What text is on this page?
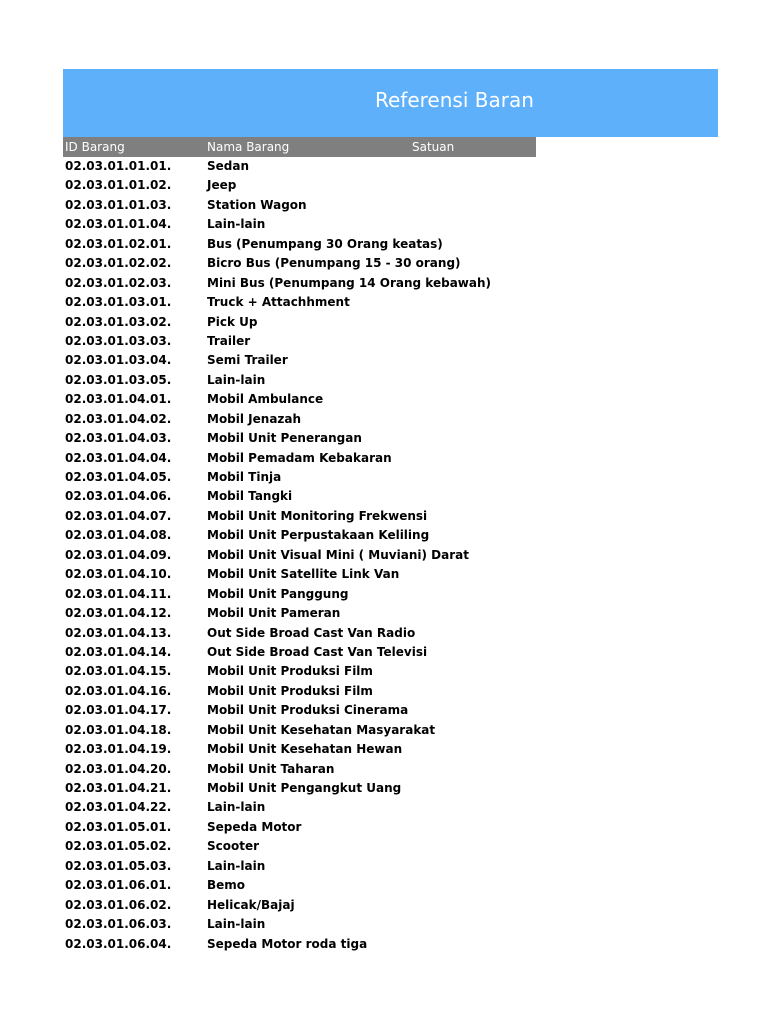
Referensi Baran
ID Barang	Nama Barang	Satuan
02.03.01.01.01.	Sedan
02.03.01.01.02.	Jeep
02.03.01.01.03.	Station Wagon
02.03.01.01.04.	Lain-lain
02.03.01.02.01.	Bus (Penumpang 30 Orang keatas)
02.03.01.02.02.	Bicro Bus (Penumpang 15 - 30 orang)
02.03.01.02.03.	Mini Bus (Penumpang 14 Orang kebawah)
02.03.01.03.01.	Truck + Attachhment
02.03.01.03.02.	Pick Up
02.03.01.03.03.	Trailer
02.03.01.03.04.	Semi Trailer
02.03.01.03.05.	Lain-lain
02.03.01.04.01.	Mobil Ambulance
02.03.01.04.02.	Mobil Jenazah
02.03.01.04.03.	Mobil Unit Penerangan
02.03.01.04.04.	Mobil Pemadam Kebakaran
02.03.01.04.05.	Mobil Tinja
02.03.01.04.06.	Mobil Tangki
02.03.01.04.07.	Mobil Unit Monitoring Frekwensi
02.03.01.04.08.	Mobil Unit Perpustakaan Keliling
02.03.01.04.09.	Mobil Unit Visual Mini ( Muviani) Darat
02.03.01.04.10.	Mobil Unit Satellite Link Van
02.03.01.04.11.	Mobil Unit Panggung
02.03.01.04.12.	Mobil Unit Pameran
02.03.01.04.13.	Out Side Broad Cast Van Radio
02.03.01.04.14.	Out Side Broad Cast Van Televisi
02.03.01.04.15.	Mobil Unit Produksi Film
02.03.01.04.16.	Mobil Unit Produksi Film
02.03.01.04.17.	Mobil Unit Produksi Cinerama
02.03.01.04.18.	Mobil Unit Kesehatan Masyarakat
02.03.01.04.19.	Mobil Unit Kesehatan Hewan
02.03.01.04.20.	Mobil Unit Taharan
02.03.01.04.21.	Mobil Unit Pengangkut Uang
02.03.01.04.22.	Lain-lain
02.03.01.05.01.	Sepeda Motor
02.03.01.05.02.	Scooter
02.03.01.05.03.	Lain-lain
02.03.01.06.01.	Bemo
02.03.01.06.02.	Helicak/Bajaj
02.03.01.06.03.	Lain-lain
02.03.01.06.04.	Sepeda Motor roda tiga
